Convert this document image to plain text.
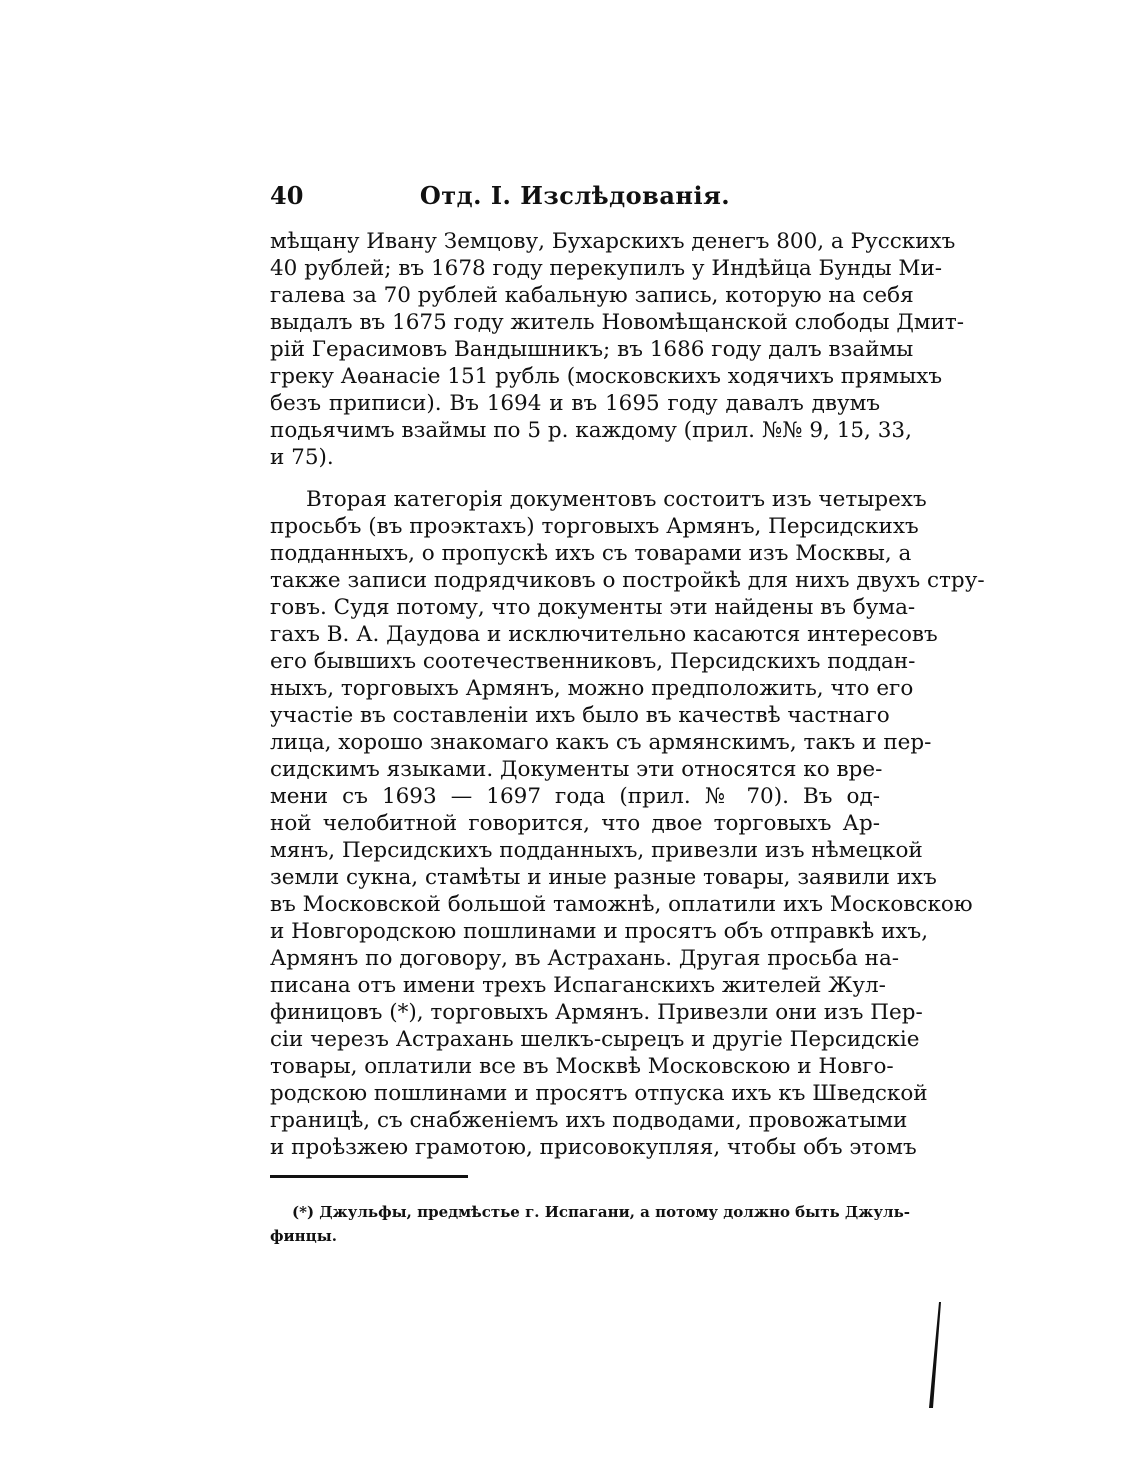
40	Отд. I. Изслѣдованія.
мѣщану Ивану Земцову, Бухарскихъ денегъ 800, а Русскихъ
40 рублей; въ 1678 году перекупилъ у Индѣйца Бунды Ми-
галева за 70 рублей кабальную запись, которую на себя
выдалъ въ 1675 году житель Новомѣщанской слободы Дмит-
рій Герасимовъ Вандышникъ; въ 1686 году далъ взаймы
греку Аѳанасіе 151 рубль (московскихъ ходячихъ прямыхъ
безъ приписи). Въ 1694 и въ 1695 году давалъ двумъ
подьячимъ взаймы по 5 р. каждому (прил. №№ 9, 15, 33,
и 75).
Вторая категорія документовъ состоитъ изъ четырехъ
просьбъ (въ проэктахъ) торговыхъ Армянъ, Персидскихъ
подданныхъ, о пропускѣ ихъ съ товарами изъ Москвы, а
также записи подрядчиковъ о постройкѣ для нихъ двухъ стру-
говъ. Судя потому, что документы эти найдены въ бума-
гахъ В. А. Даудова и исключительно касаются интересовъ
его бывшихъ соотечественниковъ, Персидскихъ поддан-
ныхъ, торговыхъ Армянъ, можно предположить, что его
участіе въ составленіи ихъ было въ качествѣ частнаго
лица, хорошо знакомаго какъ съ армянскимъ, такъ и пер-
сидскимъ языками. Документы эти относятся ко вре-
мени съ 1693 — 1697 года (прил. № 70). Въ од-
ной челобитной говорится, что двое торговыхъ Ар-
мянъ, Персидскихъ подданныхъ, привезли изъ нѣмецкой
земли сукна, стамѣты и иные разные товары, заявили ихъ
въ Московской большой таможнѣ, оплатили ихъ Московскою
и Новгородскою пошлинами и просятъ объ отправкѣ ихъ,
Армянъ по договору, въ Астрахань. Другая просьба на-
писана отъ имени трехъ Испаганскихъ жителей Жул-
финицовъ (*), торговыхъ Армянъ. Привезли они изъ Пер-
сіи черезъ Астрахань шелкъ-сырецъ и другіе Персидскіе
товары, оплатили все въ Москвѣ Московскою и Новго-
родскою пошлинами и просятъ отпуска ихъ къ Шведской
границѣ, съ снабженіемъ ихъ подводами, провожатыми
и проѣзжею грамотою, присовокупляя, чтобы объ этомъ
(*) Джульфы, предмѣстье г. Испагани, а потому должно быть Джуль-
финцы.
